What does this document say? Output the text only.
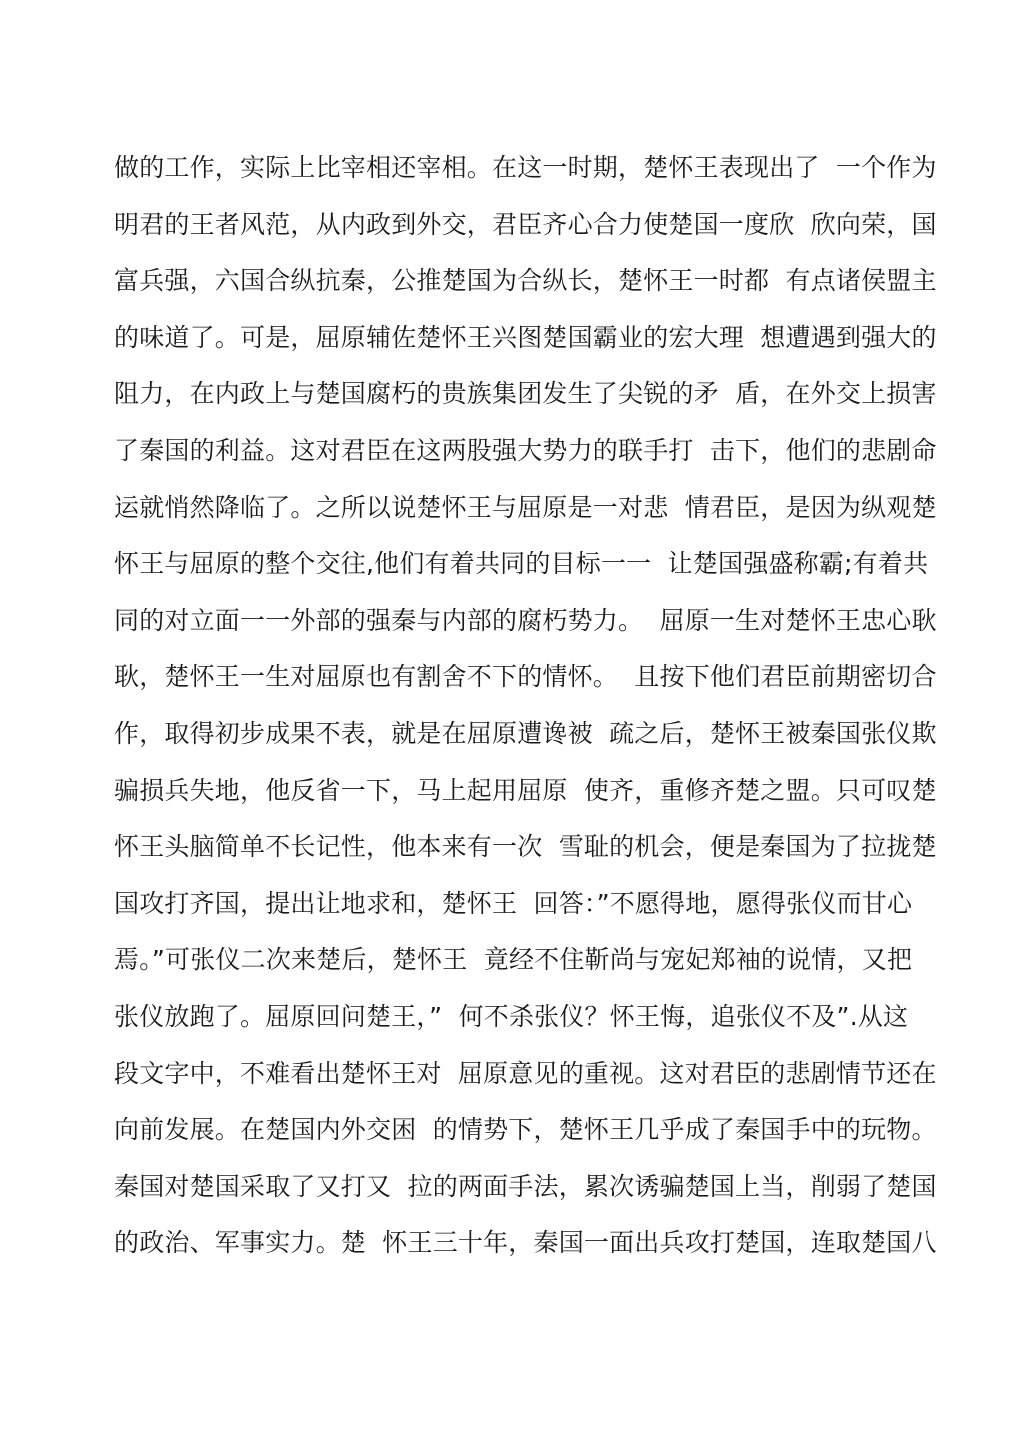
做的工作，实际上比宰相还宰相。在这一时期，楚怀王表现出了  一个作为
明君的王者风范，从内政到外交，君臣齐心合力使楚国一度欣  欣向荣，国
富兵强，六国合纵抗秦，公推楚国为合纵长，楚怀王一时都  有点诸侯盟主
的味道了。可是，屈原辅佐楚怀王兴图楚国霸业的宏大理  想遭遇到强大的
阻力，在内政上与楚国腐朽的贵族集团发生了尖锐的矛  盾，在外交上损害
了秦国的利益。这对君臣在这两股强大势力的联手打  击下，他们的悲剧命
运就悄然降临了。之所以说楚怀王与屈原是一对悲  情君臣，是因为纵观楚
怀王与屈原的整个交往,他们有着共同的目标一一  让楚国强盛称霸;有着共
同的对立面一一外部的强秦与内部的腐朽势力。  屈原一生对楚怀王忠心耿
耿，楚怀王一生对屈原也有割舍不下的情怀。  且按下他们君臣前期密切合
作，取得初步成果不表，就是在屈原遭谗被  疏之后，楚怀王被秦国张仪欺
骗损兵失地，他反省一下，马上起用屈原  使齐，重修齐楚之盟。只可叹楚
怀王头脑简单不长记性，他本来有一次  雪耻的机会，便是秦国为了拉拢楚
国攻打齐国，提出让地求和，楚怀王  回答：”不愿得地，愿得张仪而甘心
焉。”可张仪二次来楚后，楚怀王  竟经不住靳尚与宠妃郑袖的说情，又把
张仪放跑了。屈原回问楚王，”  何不杀张仪？怀王悔，追张仪不及”.从这
段文字中，不难看出楚怀王对  屈原意见的重视。这对君臣的悲剧情节还在
向前发展。在楚国内外交困  的情势下，楚怀王几乎成了秦国手中的玩物。
秦国对楚国采取了又打又  拉的两面手法，累次诱骗楚国上当，削弱了楚国
的政治、军事实力。楚  怀王三十年，秦国一面出兵攻打楚国，连取楚国八
